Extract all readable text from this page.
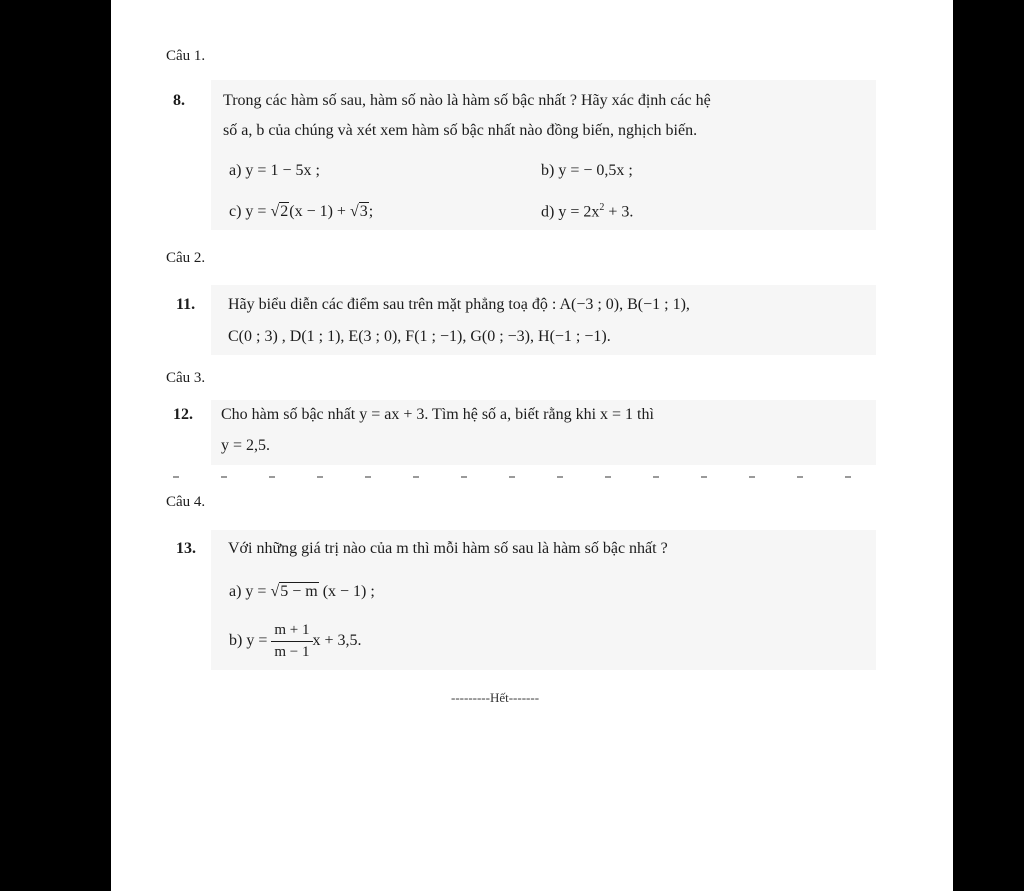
Câu 1.
8. Trong các hàm số sau, hàm số nào là hàm số bậc nhất ? Hãy xác định các hệ
số a, b của chúng và xét xem hàm số bậc nhất nào đồng biến, nghịch biến.
a) y = 1 − 5x ;	b) y = − 0,5x ;
c) y = √2(x − 1) + √3;	d) $y = 2x^2 + 3$.
Câu 2.
11. Hãy biểu diễn các điểm sau trên mặt phẳng toạ độ : A(−3 ; 0), B(−1 ; 1),
C(0 ; 3) , D(1 ; 1), E(3 ; 0), F(1 ; −1), G(0 ; −3), H(−1 ; −1).
Câu 3.
12. Cho hàm số bậc nhất y = ax + 3. Tìm hệ số a, biết rằng khi x = 1 thì
y = 2,5.
Câu 4.
13. Với những giá trị nào của m thì mỗi hàm số sau là hàm số bậc nhất ?
a) y = √5 − m (x − 1) ;
b) $y = \frac{m + 1}{m - 1}$ x + 3,5.
---------Hết-------
